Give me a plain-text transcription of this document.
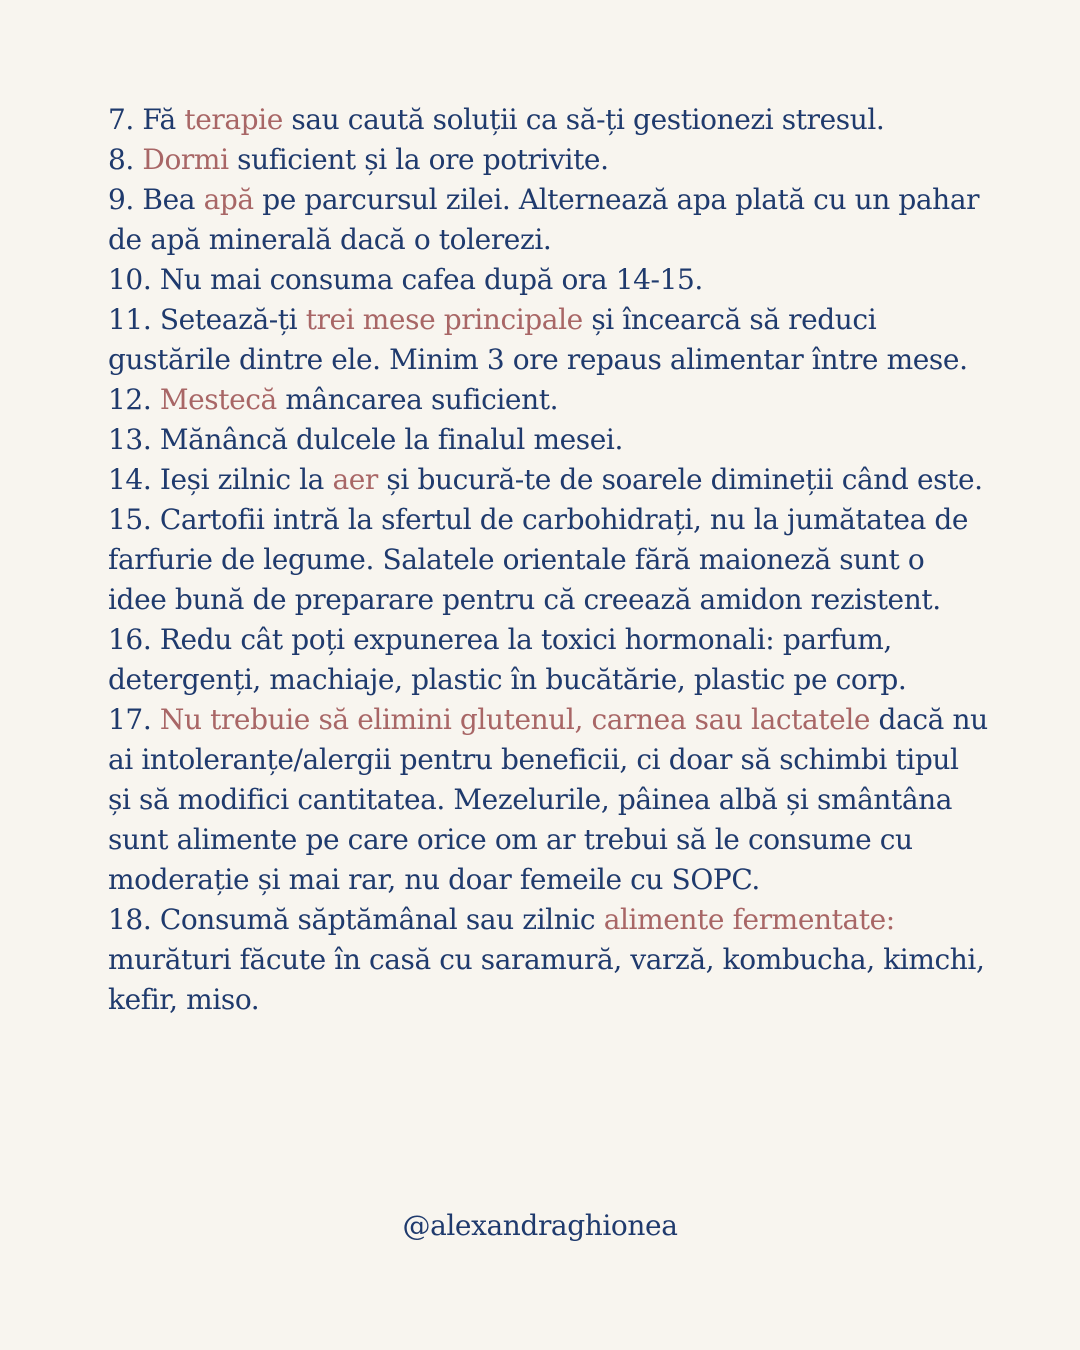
7. Fă terapie sau caută soluții ca să-ți gestionezi stresul.

8. Dormi suficient și la ore potrivite.

9. Bea apă pe parcursul zilei. Alternează apa plată cu un pahar de apă minerală dacă o tolerezi.

10. Nu mai consuma cafea după ora 14-15.

11. Setează-ți trei mese principale și încearcă să reduci gustările dintre ele. Minim 3 ore repaus alimentar între mese.

12. Mestecă mâncarea suficient.

13. Mănâncă dulcele la finalul mesei.

14. Ieși zilnic la aer și bucură-te de soarele dimineții când este.

15. Cartofii intră la sfertul de carbohidrați, nu la jumătatea de farfurie de legume. Salatele orientale fără maioneză sunt o idee bună de preparare pentru că creează amidon rezistent.

16. Redu cât poți expunerea la toxici hormonali: parfum, detergenți, machiaje, plastic în bucătărie, plastic pe corp.

17. Nu trebuie să elimini glutenul, carnea sau lactatele dacă nu ai intoleranțe/alergii pentru beneficii, ci doar să schimbi tipul și să modifici cantitatea. Mezelurile, pâinea albă și smântâna sunt alimente pe care orice om ar trebui să le consume cu moderație și mai rar, nu doar femeile cu SOPC.

18. Consumă săptămânal sau zilnic alimente fermentate: murături făcute în casă cu saramură, varză, kombucha, kimchi, kefir, miso.

@alexandraghionea
